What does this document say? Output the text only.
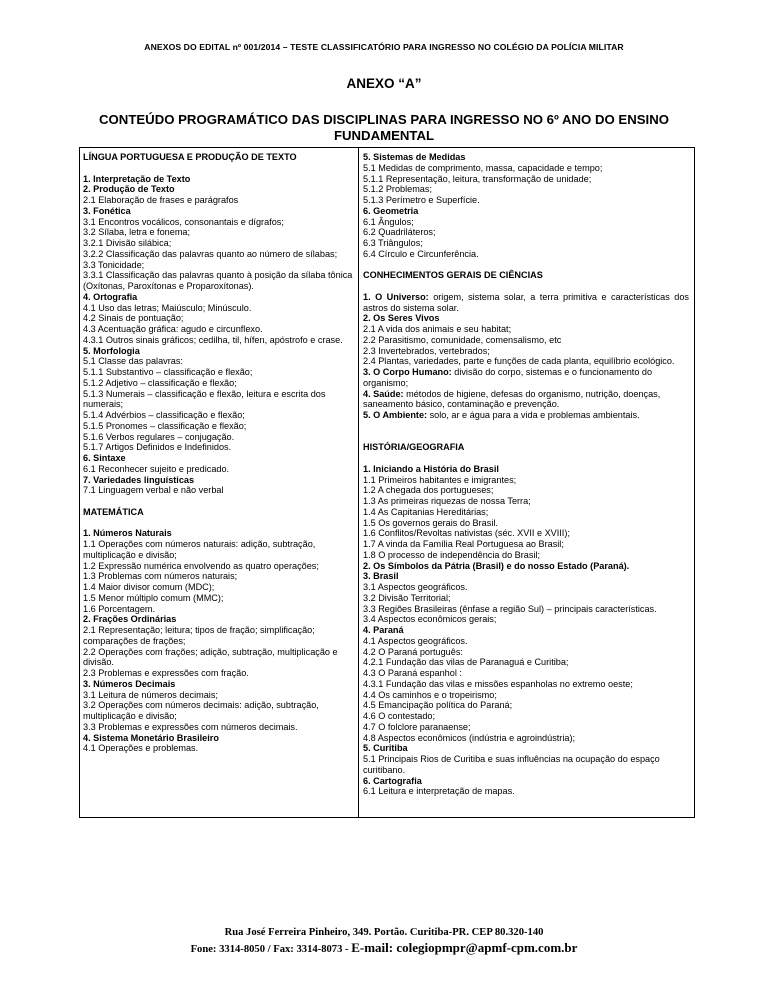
ANEXOS DO EDITAL nº 001/2014 – TESTE CLASSIFICATÓRIO PARA INGRESSO NO COLÉGIO DA POLÍCIA MILITAR
ANEXO “A”
CONTEÚDO PROGRAMÁTICO DAS DISCIPLINAS PARA INGRESSO NO 6º ANO DO ENSINO FUNDAMENTAL
LÍNGUA PORTUGUESA E PRODUÇÃO DE TEXTO
1. Interpretação de Texto
2. Produção de Texto
2.1 Elaboração de frases e parágrafos
3. Fonética
3.1 Encontros vocálicos, consonantais e dígrafos;
3.2 Sílaba, letra e fonema;
3.2.1 Divisão silábica;
3.2.2 Classificação das palavras quanto ao número de sílabas;
3.3 Tonicidade;
3.3.1 Classificação das palavras quanto à posição da sílaba tônica (Oxítonas, Paroxítonas e Proparoxítonas).
4. Ortografia
4.1 Uso das letras; Maiúsculo; Minúsculo.
4.2 Sinais de pontuação;
4.3 Acentuação gráfica: agudo e circunflexo.
4.3.1 Outros sinais gráficos; cedilha, til, hífen, apóstrofo e crase.
5. Morfologia
5.1 Classe das palavras:
5.1.1 Substantivo – classificação e flexão;
5.1.2 Adjetivo – classificação e flexão;
5.1.3 Numerais – classificação e flexão, leitura e escrita dos numerais;
5.1.4 Advérbios – classificação e flexão;
5.1.5 Pronomes – classificação e flexão;
5.1.6 Verbos regulares – conjugação.
5.1.7 Artigos Definidos e Indefinidos.
6. Sintaxe
6.1 Reconhecer sujeito e predicado.
7. Variedades linguísticas
7.1 Linguagem verbal e não verbal
MATEMÁTICA
1. Números Naturais
1.1 Operações com números naturais: adição, subtração, multiplicação e divisão;
1.2 Expressão numérica envolvendo as quatro operações;
1.3 Problemas com números naturais;
1.4 Maior divisor comum (MDC);
1.5 Menor múltiplo comum (MMC);
1.6 Porcentagem.
2. Frações Ordinárias
2.1 Representação; leitura; tipos de fração; simplificação; comparações de frações;
2.2 Operações com frações; adição, subtração, multiplicação e divisão.
2.3 Problemas e expressões com fração.
3. Números Decimais
3.1 Leitura de números decimais;
3.2 Operações com números decimais: adição, subtração, multiplicação e divisão;
3.3 Problemas e expressões com números decimais.
4. Sistema Monetário Brasileiro
4.1 Operações e problemas.
5. Sistemas de Medidas
5.1 Medidas de comprimento, massa, capacidade e tempo;
5.1.1 Representação, leitura, transformação de unidade;
5.1.2 Problemas;
5.1.3 Perímetro e Superfície.
6. Geometria
6.1 Ângulos;
6.2 Quadriláteros;
6.3 Triângulos;
6.4 Círculo e Circunferência.
CONHECIMENTOS GERAIS DE CIÊNCIAS
1. O Universo: origem, sistema solar, a terra primitiva e características dos astros do sistema solar.
2. Os Seres Vivos
2.1 A vida dos animais e seu habitat;
2.2 Parasitismo, comunidade, comensalismo, etc
2.3 Invertebrados, vertebrados;
2.4 Plantas, variedades, parte e funções de cada planta, equilíbrio ecológico.
3. O Corpo Humano: divisão do corpo, sistemas e o funcionamento do organismo;
4. Saúde: métodos de higiene, defesas do organismo, nutrição, doenças, saneamento básico, contaminação e prevenção.
5. O Ambiente: solo, ar e água para a vida e problemas ambientais.
HISTÓRIA/GEOGRAFIA
1. Iniciando a História do Brasil
1.1 Primeiros habitantes e imigrantes;
1.2 A chegada dos portugueses;
1.3 As primeiras riquezas de nossa Terra;
1.4 As Capitanias Hereditárias;
1.5 Os governos gerais do Brasil.
1.6 Conflitos/Revoltas nativistas (séc. XVII e XVIII);
1.7 A vinda da Família Real Portuguesa ao Brasil;
1.8 O processo de independência do Brasil;
2. Os Símbolos da Pátria (Brasil) e do nosso Estado (Paraná).
3. Brasil
3.1 Aspectos geográficos.
3.2 Divisão Territorial;
3.3 Regiões Brasileiras (ênfase a região Sul) – principais características.
3.4 Aspectos econômicos gerais;
4. Paraná
4.1 Aspectos geográficos.
4.2 O Paraná português:
4.2.1 Fundação das vilas de Paranaguá e Curitiba;
4.3 O Paraná espanhol :
4.3.1 Fundação das vilas e missões espanholas no extremo oeste;
4.4 Os caminhos e o tropeirismo;
4.5 Emancipação política do Paraná;
4.6 O contestado;
4.7 O folclore paranaense;
4.8 Aspectos econômicos (indústria e agroindústria);
5. Curitiba
5.1 Principais Rios de Curitiba e suas influências na ocupação do espaço curitibano.
6. Cartografia
6.1 Leitura e interpretação de mapas.
Rua José Ferreira Pinheiro, 349. Portão. Curitiba-PR. CEP 80.320-140
Fone: 3314-8050 / Fax: 3314-8073 - E-mail: colegiopmpr@apmf-cpm.com.br
